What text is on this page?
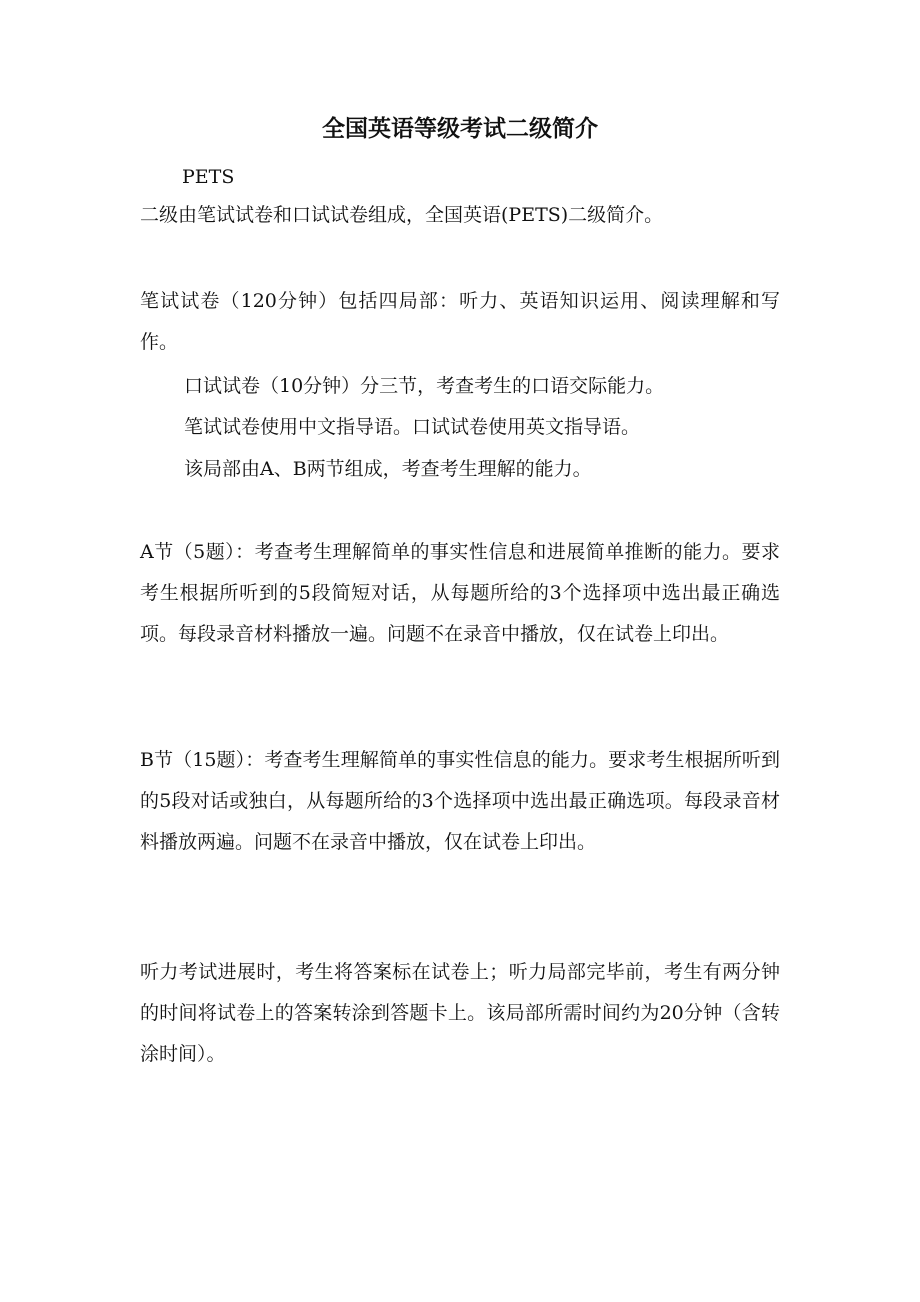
全国英语等级考试二级简介
PETS

二级由笔试试卷和口试试卷组成，全国英语(PETS)二级简介。

笔试试卷（120分钟）包括四局部：听力、英语知识运用、阅读理解和写作。

口试试卷（10分钟）分三节，考查考生的口语交际能力。
笔试试卷使用中文指导语。口试试卷使用英文指导语。
该局部由A、B两节组成，考查考生理解的能力。

A节（5题）：考查考生理解简单的事实性信息和进展简单推断的能力。要求考生根据所听到的5段简短对话，从每题所给的3个选择项中选出最正确选项。每段录音材料播放一遍。问题不在录音中播放，仅在试卷上印出。

B节（15题）：考查考生理解简单的事实性信息的能力。要求考生根据所听到的5段对话或独白，从每题所给的3个选择项中选出最正确选项。每段录音材料播放两遍。问题不在录音中播放，仅在试卷上印出。

听力考试进展时，考生将答案标在试卷上；听力局部完毕前，考生有两分钟的时间将试卷上的答案转涂到答题卡上。该局部所需时间约为20分钟（含转涂时间）。
